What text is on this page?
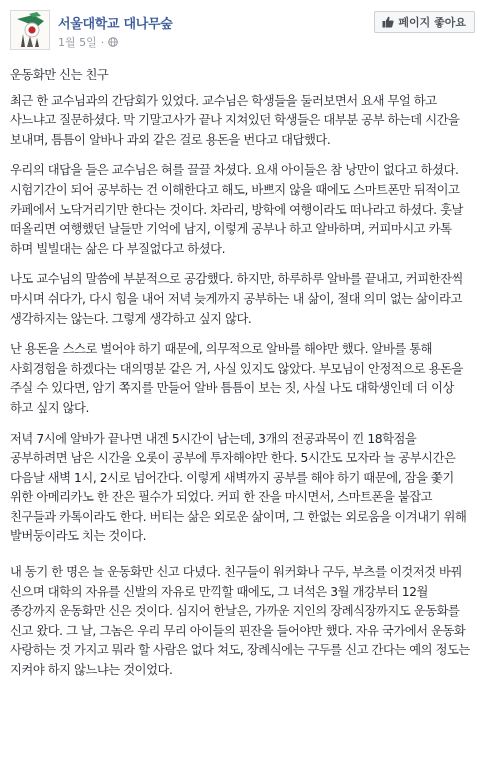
서울대학교 대나무숲
1월 5일 ·
페이지 좋아요

운동화만 신는 친구

최근 한 교수님과의 간담회가 있었다. 교수님은 학생들을 둘러보면서 요새 무얼 하고 사느냐고 질문하셨다. 막 기말고사가 끝나 지쳐있던 학생들은 대부분 공부 하는데 시간을 보내며, 틈틈이 알바나 과외 같은 걸로 용돈을 번다고 대답했다.

우리의 대답을 들은 교수님은 혀를 끌끌 차셨다. 요새 아이들은 참 낭만이 없다고 하셨다. 시험기간이 되어 공부하는 건 이해한다고 해도, 바쁘지 않을 때에도 스마트폰만 뒤적이고 카페에서 노닥거리기만 한다는 것이다. 차라리, 방학에 여행이라도 떠나라고 하셨다. 훗날 떠올리면 여행했던 날들만 기억에 남지, 이렇게 공부나 하고 알바하며, 커피마시고 카톡 하며 빌빌대는 삶은 다 부질없다고 하셨다.

나도 교수님의 말씀에 부분적으로 공감했다. 하지만, 하루하루 알바를 끝내고, 커피한잔씩 마시며 쉬다가, 다시 힘을 내어 저녁 늦게까지 공부하는 내 삶이, 절대 의미 없는 삶이라고 생각하지는 않는다. 그렇게 생각하고 싶지 않다.

난 용돈을 스스로 벌어야 하기 때문에, 의무적으로 알바를 해야만 했다. 알바를 통해 사회경험을 하겠다는 대의명분 같은 거, 사실 있지도 않았다. 부모님이 안정적으로 용돈을 주실 수 있다면, 암기 쪽지를 만들어 알바 틈틈이 보는 짓, 사실 나도 대학생인데 더 이상 하고 싶지 않다.

저녁 7시에 알바가 끝나면 내겐 5시간이 남는데, 3개의 전공과목이 낀 18학점을 공부하려면 남은 시간을 오롯이 공부에 투자해야만 한다. 5시간도 모자라 늘 공부시간은 다음날 새벽 1시, 2시로 넘어간다. 이렇게 새벽까지 공부를 해야 하기 때문에, 잠을 쫓기 위한 아메리카노 한 잔은 필수가 되었다. 커피 한 잔을 마시면서, 스마트폰을 붙잡고 친구들과 카톡이라도 한다. 버티는 삶은 외로운 삶이며, 그 한없는 외로움을 이겨내기 위해 발버둥이라도 치는 것이다.

내 동기 한 명은 늘 운동화만 신고 다녔다. 친구들이 워커화나 구두, 부츠를 이것저것 바꿔 신으며 대학의 자유를 신발의 자유로 만끽할 때에도, 그 녀석은 3월 개강부터 12월 종강까지 운동화만 신은 것이다. 심지어 한날은, 가까운 지인의 장례식장까지도 운동화를 신고 왔다. 그 날, 그놈은 우리 무리 아이들의 핀잔을 들어야만 했다. 자유 국가에서 운동화 사랑하는 것 가지고 뭐라 할 사람은 없다 쳐도, 장례식에는 구두를 신고 간다는 예의 정도는 지켜야 하지 않느냐는 것이었다.
